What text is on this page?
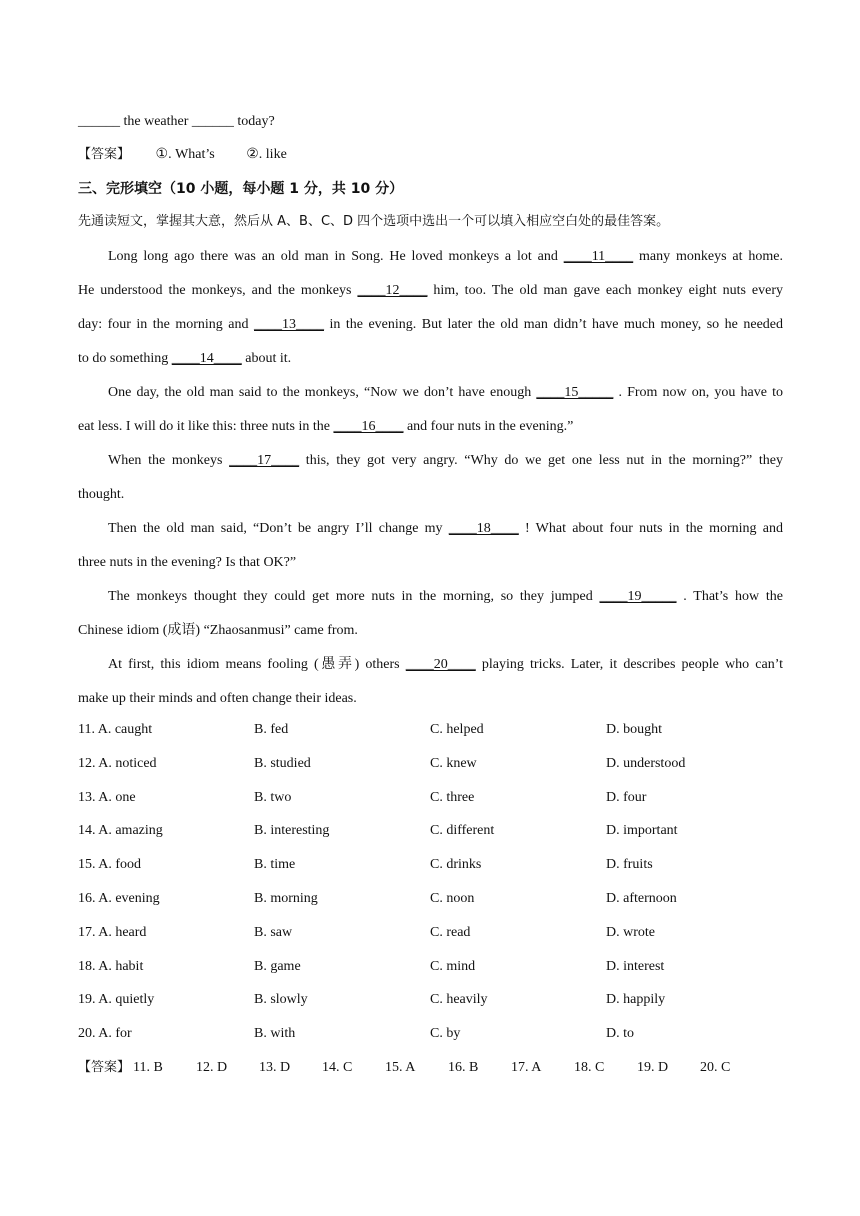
______ the weather ______ today?
【答案】 ①. What’s ②. like
三、完形填空（10 小题，每小题 1 分，共 10 分）
先通读短文，掌握其大意，然后从 A、B、C、D 四个选项中选出一个可以填入相应空白处的最佳答案。
Long long ago there was an old man in Song. He loved monkeys a lot and ____11____ many monkeys at home.
He understood the monkeys, and the monkeys ____12____ him, too. The old man gave each monkey eight nuts every
day: four in the morning and ____13____ in the evening. But later the old man didn’t have much money, so he needed
to do something ____14____ about it.
One day, the old man said to the monkeys, “Now we don’t have enough ____15_____ . From now on, you have to
eat less. I will do it like this: three nuts in the ____16____ and four nuts in the evening.”
When the monkeys ____17____ this, they got very angry. “Why do we get one less nut in the morning?” they
thought.
Then the old man said, “Don’t be angry I’ll change my ____18____ ! What about four nuts in the morning and
three nuts in the evening? Is that OK?”
The monkeys thought they could get more nuts in the morning, so they jumped ____19_____ . That’s how the
Chinese idiom (成语) “Zhaosanmusi” came from.
At first, this idiom means fooling (愚弄) others ____20____ playing tricks. Later, it describes people who can’t
make up their minds and often change their ideas.
11. A. caught	B. fed	C. helped	D. bought
12. A. noticed	B. studied	C. knew	D. understood
13. A. one	B. two	C. three	D. four
14. A. amazing	B. interesting	C. different	D. important
15. A. food	B. time	C. drinks	D. fruits
16. A. evening	B. morning	C. noon	D. afternoon
17. A. heard	B. saw	C. read	D. wrote
18. A. habit	B. game	C. mind	D. interest
19. A. quietly	B. slowly	C. heavily	D. happily
20. A. for	B. with	C. by	D. to
【答案】 11. B 12. D 13. D 14. C 15. A 16. B 17. A 18. C 19. D 20. C
